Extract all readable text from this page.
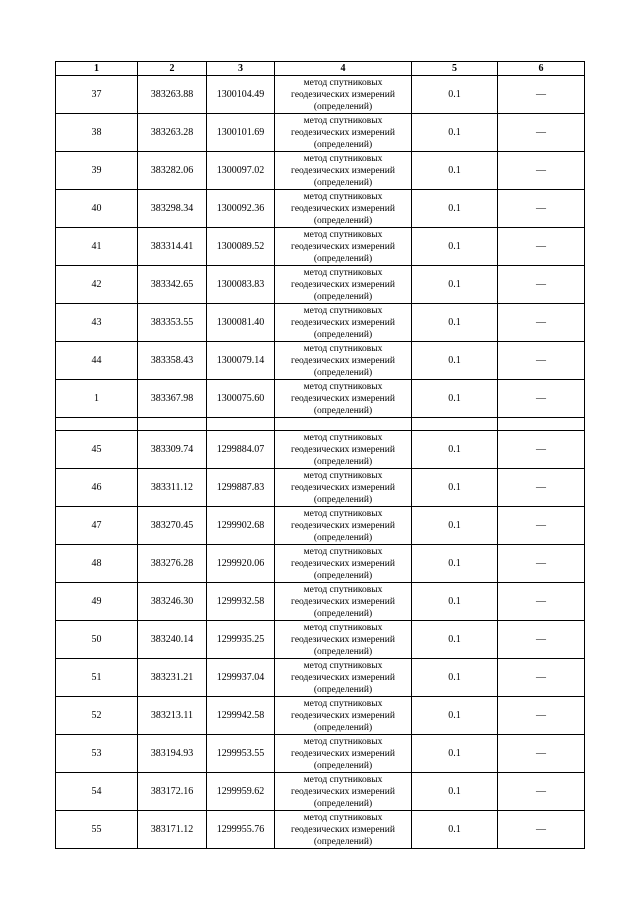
1	2	3	4	5	6
37	383263.88	1300104.49	метод спутниковых
геодезических измерений
(определений)	0.1	—
38	383263.28	1300101.69	метод спутниковых
геодезических измерений
(определений)	0.1	—
39	383282.06	1300097.02	метод спутниковых
геодезических измерений
(определений)	0.1	—
40	383298.34	1300092.36	метод спутниковых
геодезических измерений
(определений)	0.1	—
41	383314.41	1300089.52	метод спутниковых
геодезических измерений
(определений)	0.1	—
42	383342.65	1300083.83	метод спутниковых
геодезических измерений
(определений)	0.1	—
43	383353.55	1300081.40	метод спутниковых
геодезических измерений
(определений)	0.1	—
44	383358.43	1300079.14	метод спутниковых
геодезических измерений
(определений)	0.1	—
1	383367.98	1300075.60	метод спутниковых
геодезических измерений
(определений)	0.1	—

45	383309.74	1299884.07	метод спутниковых
геодезических измерений
(определений)	0.1	—
46	383311.12	1299887.83	метод спутниковых
геодезических измерений
(определений)	0.1	—
47	383270.45	1299902.68	метод спутниковых
геодезических измерений
(определений)	0.1	—
48	383276.28	1299920.06	метод спутниковых
геодезических измерений
(определений)	0.1	—
49	383246.30	1299932.58	метод спутниковых
геодезических измерений
(определений)	0.1	—
50	383240.14	1299935.25	метод спутниковых
геодезических измерений
(определений)	0.1	—
51	383231.21	1299937.04	метод спутниковых
геодезических измерений
(определений)	0.1	—
52	383213.11	1299942.58	метод спутниковых
геодезических измерений
(определений)	0.1	—
53	383194.93	1299953.55	метод спутниковых
геодезических измерений
(определений)	0.1	—
54	383172.16	1299959.62	метод спутниковых
геодезических измерений
(определений)	0.1	—
55	383171.12	1299955.76	метод спутниковых
геодезических измерений
(определений)	0.1	—
